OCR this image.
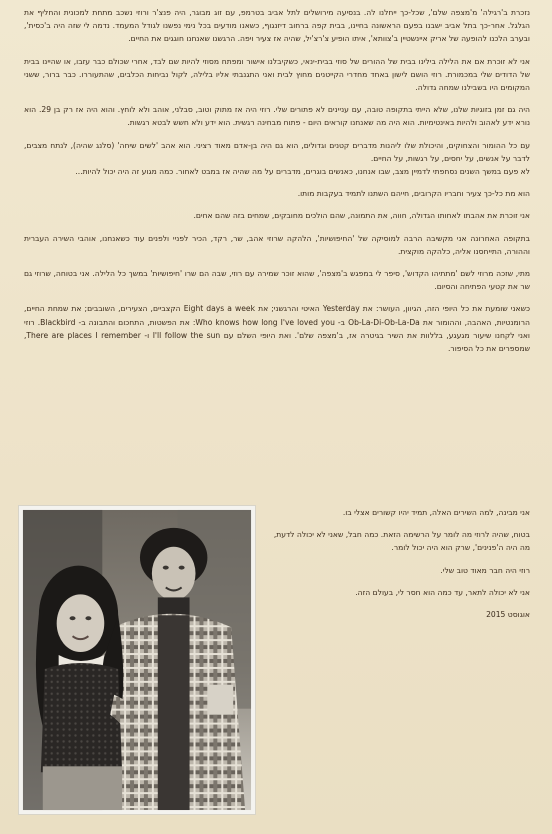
נזכרת ב'רגילה' מ'מצפה שלם', שכל-כך ייחלנו לה. בנסיעה מירושלים לתל אביב בטרמפ, עם זוג מבוגר, היה פנצ'ר ורוזי נשכב מתחת למכונית והחליף את הגלגל. אחר-כך בתל אביב ישבנו בפעם הראשונה בחיינו, בבית קפה ברחוב דיזנגוף, כשאנו מודעים בכל נימי נפשנו לגודל המעמד. נדמה לי שזה היה ב'כסית', ובערב הלכנו להופעה של אריק איינשטיין ב'צוותא', איתו הופיע צ'רצ'יל, שהיה אז צעיר ויפה. הרגשנו שאנחנו חוגגים את החיים.

אני לא זוכרת אם את הלילה בילינו בבית של ההורים של סוזי בבית-ינאי, כשקיבלנו אישור ומפתח מסוזי להיות שם לבד, אחרי שכולם כבר עזבו, או שהיינו בבית של הדודים שלי במכמורת. רוזי הושם לישון באחד מחדרי הקייטנים מחוץ לבית ואני התגנבתי אליו בלילה, לקול נביחות הכלבים, שהתעוררו. כבר ברור, ששני המקומים היו בשבילנו שמחה גדולה.

היה גם זמן בזוגיות שלנו, שלא הייתי בתקופה טובה, עם עניינים לא פתורים שלי. רוזי היה אז מתוק וטוב, סבלני, אוהב ולא לוחץ. והוא היה אז רק בן 29. הוא נורא ידע לאהוב ולהיות באינטימיות. הוא היה מה שאנחנו קוראים היום - פתוח מבחינה רגשית. הוא ידע ולא חשש לבטא רגשות.

עם כל ההומור והצחוקים, והיכולת שלו ליהנות מדברים קטנים וגדולים, הוא גם היה בן-אדם מאוד רציני. הוא אהב 'לשים שיחה' (סלנג שהיה), לנתח מצבים, לדבר על אנשים, על יחסים, על רגשות, על החיים.

לא פעם במשך השנים נסחפתי לדמיין מצב, שבו אנחנו, כאנשים בוגרים, מדברים על מה שהיה אז במבט לאחור. כמה מגוע זה היה יכול להיות...

הוא מת כל-כך צעיר וחבריו הקרובים, חייהם השתנו לתמיד בעקבות מותו.

אני זוכרת את אהבתו לאחותו הגדולה, חווה, את התמונה, שהם הולכים מחובקים, שמחים בזה שהם אחים.

בתקופה האחרונה אני מקשיבה הרבה למוסיקה של 'החיפושיות', הלהקה שרוזי אהב, שר, רקד, הכיר לפניי ולפנים עוד כשאנחנו, אוהבי השירה העברית וההורה, התייחסנו אליה, כלהקה מוקצית.

מתי, שזכה מרוזי לשם 'מתתיהו הקדוש', סיפר לי במפגש ב'מצפה', שהוא זוכר שמירה עם רוזי, שבה הם שרו 'חיפושיות' במשך כל הלילה. אני בטוחה, שרוזי גם שר את קטעי הפתיחה והסיום.

כשאני שומעת את כל היופי הזה, הגיוון, העושר: את Yesterday האיטי והרגשני; את Eight days a week הקצביים, הצעירים, השובבים; את שמחת החיים, הרומנטיות, האהבה, וההומור את Ob-La-Di-Ob-La-Da ב- Who knows how long I've loved you: את הפשטות, התחכום והתבונה ב- Blackbird. רוזי ואני לקחנו שיעור מגעגע, בללוות את השיר בגיטרה אז, ב'מצפה שלם'. ואת היופי השלם עם I'll follow the sun ו- There are places I remember, שמספרים את כל הסיפור.

אני מבינה, למה השירים האלה, תמיד יהיו קשורים אצלי בו.

בטוח, שהיה לרוזי מה לומר על הרשימה הזאת. כמה חבל, שאני לא יכולה לדעת, מה היה ה'פנינים', שרק הוא היה יכול לומר.

רוזי היה חבר מאוד טוב שלי.

אני לא יכולה לתאר, עד כמה הוא חסר לי, בעולם הזה.

אוגוסט 2015
